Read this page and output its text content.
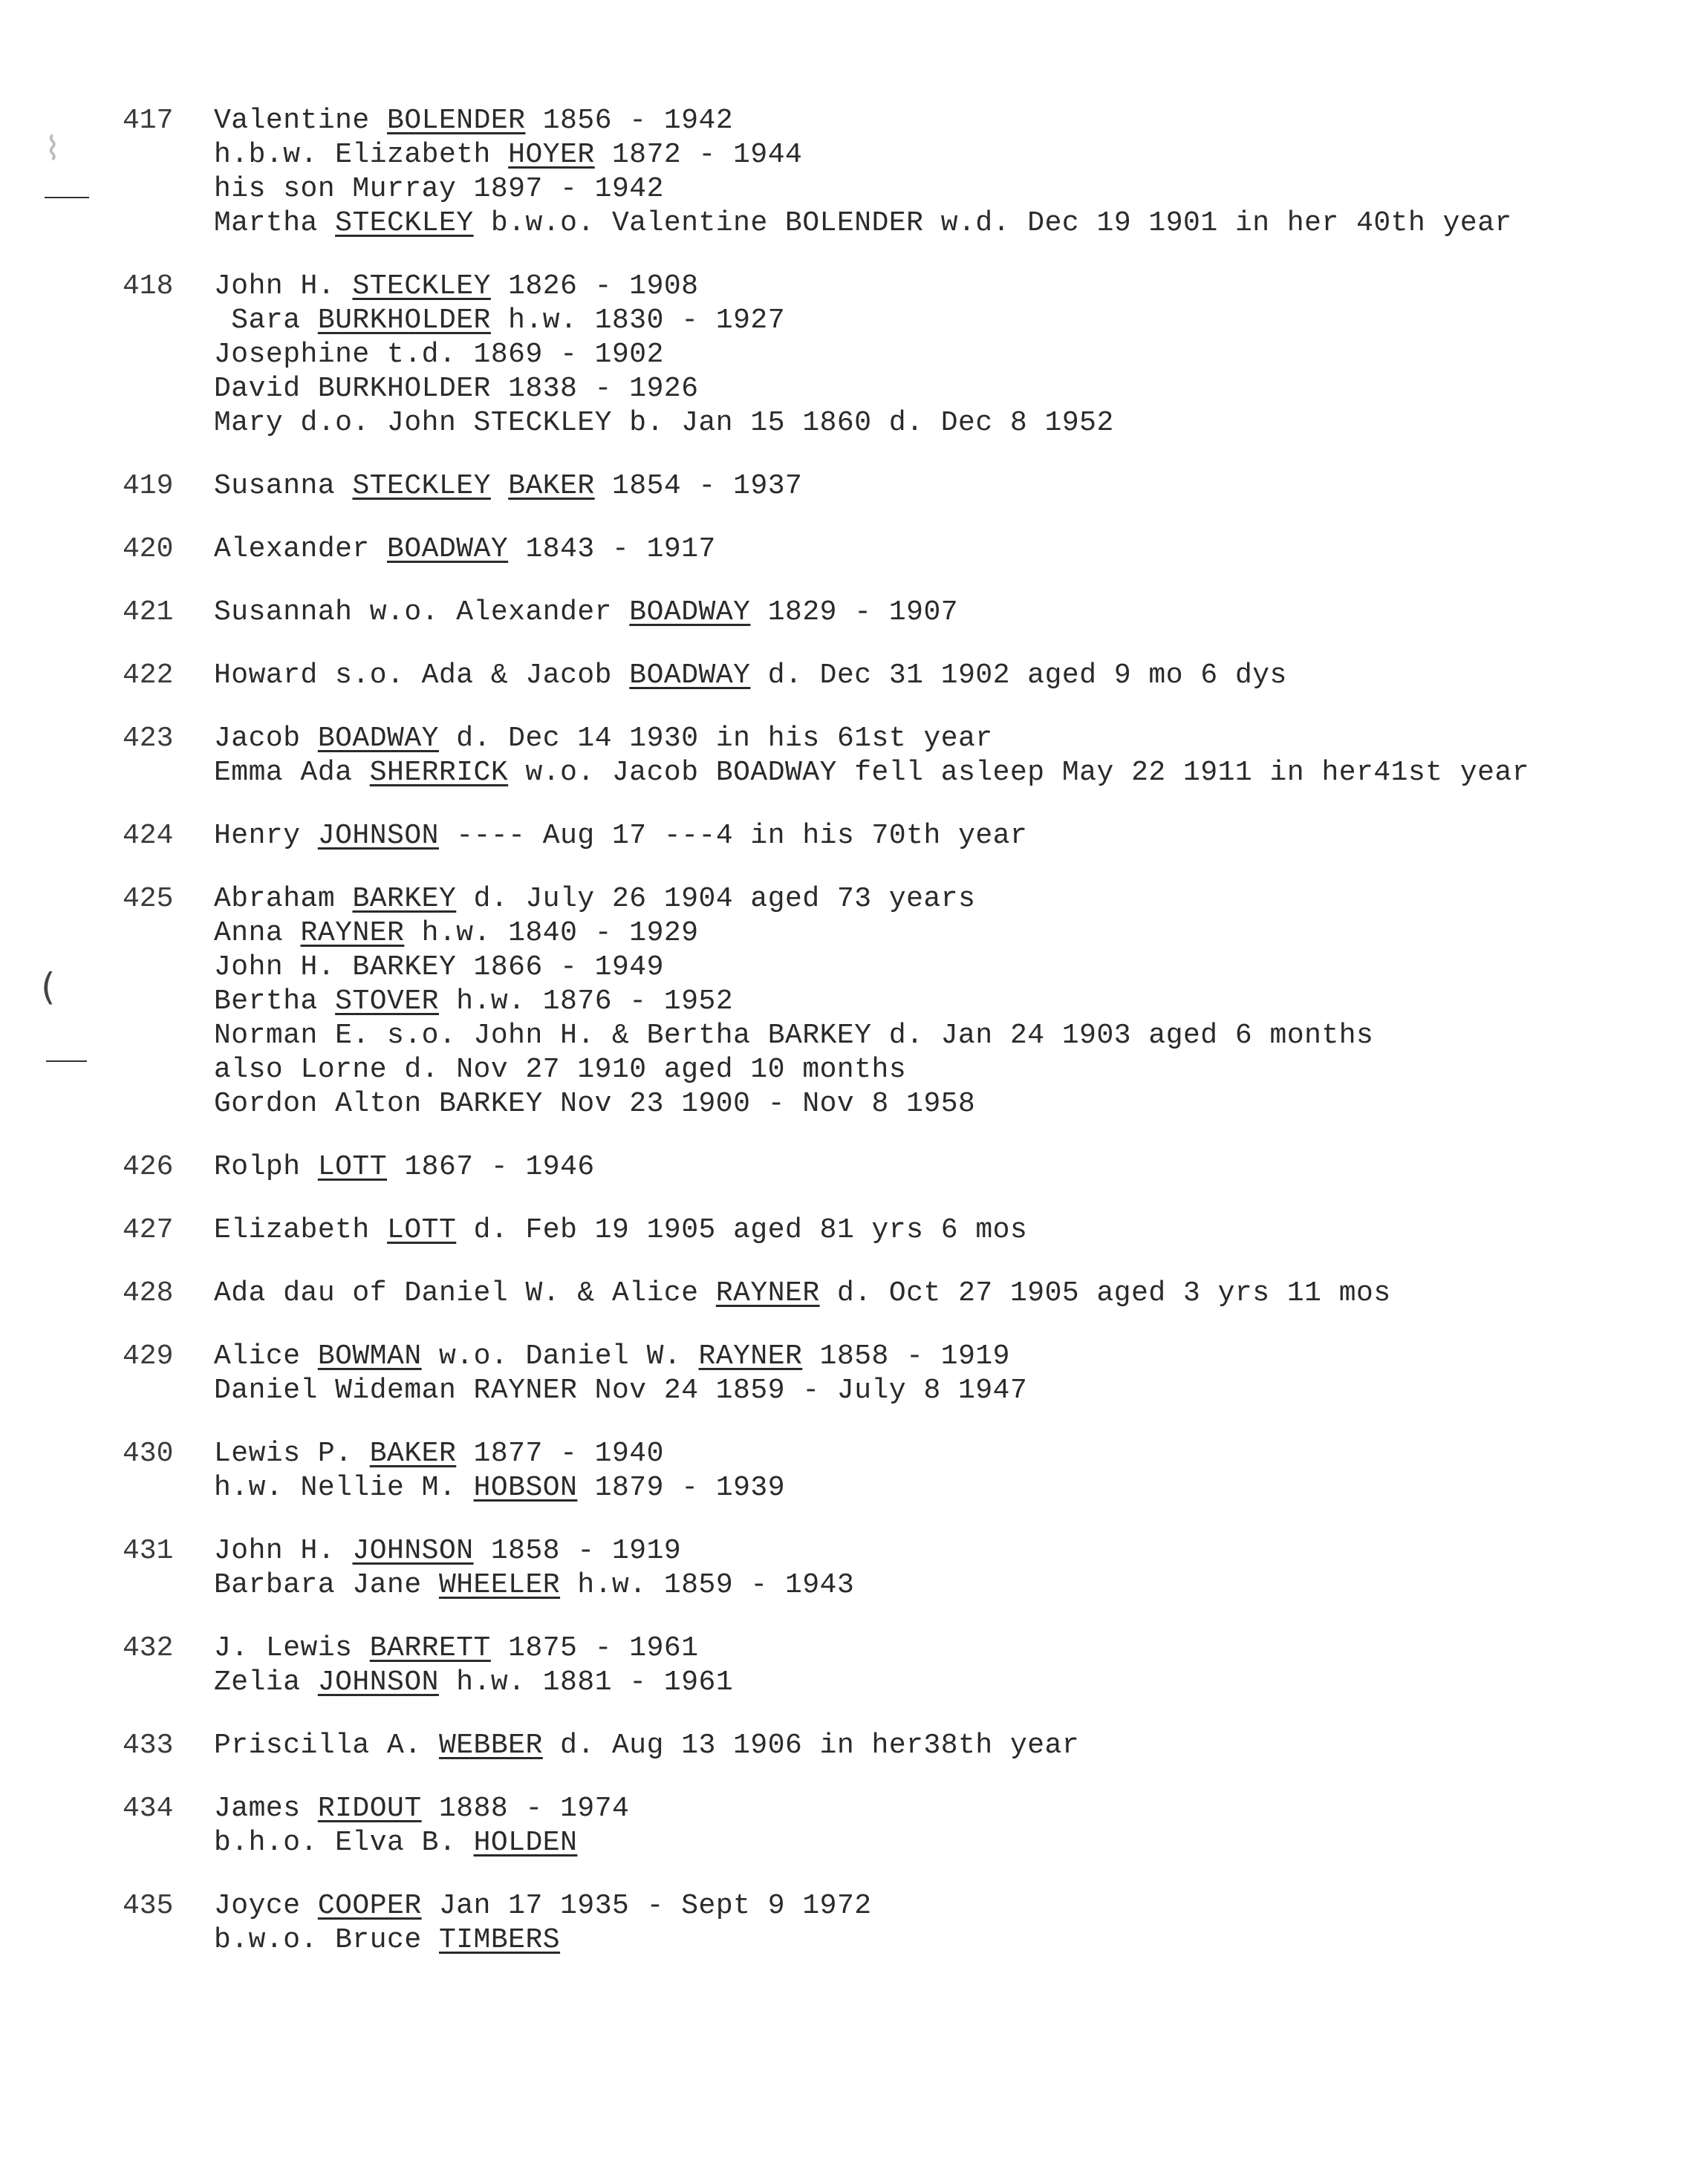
417	Valentine BOLENDER 1856 - 1942
h.b.w. Elizabeth HOYER 1872 - 1944
his son Murray 1897 - 1942
Martha STECKLEY b.w.o. Valentine BOLENDER w.d. Dec 19 1901 in her 40th year
418	John H. STECKLEY 1826 - 1908
Sara BURKHOLDER h.w. 1830 - 1927
Josephine t.d. 1869 - 1902
David BURKHOLDER 1838 - 1926
Mary d.o. John STECKLEY b. Jan 15 1860 d. Dec 8 1952
419	Susanna STECKLEY BAKER 1854 - 1937
420	Alexander BOADWAY 1843 - 1917
421	Susannah w.o. Alexander BOADWAY 1829 - 1907
422	Howard s.o. Ada & Jacob BOADWAY d. Dec 31 1902 aged 9 mo 6 dys
423	Jacob BOADWAY d. Dec 14 1930 in his 61st year
Emma Ada SHERRICK w.o. Jacob BOADWAY fell asleep May 22 1911 in her41st year
424	Henry JOHNSON ---- Aug 17 ---4 in his 70th year
425	Abraham BARKEY d. July 26 1904 aged 73 years
Anna RAYNER h.w. 1840 - 1929
John H. BARKEY 1866 - 1949
Bertha STOVER h.w. 1876 - 1952
Norman E. s.o. John H. & Bertha BARKEY d. Jan 24 1903 aged 6 months
also Lorne d. Nov 27 1910 aged 10 months
Gordon Alton BARKEY Nov 23 1900 - Nov 8 1958
426	Rolph LOTT 1867 - 1946
427	Elizabeth LOTT d. Feb 19 1905 aged 81 yrs 6 mos
428	Ada dau of Daniel W. & Alice RAYNER d. Oct 27 1905 aged 3 yrs 11 mos
429	Alice BOWMAN w.o. Daniel W. RAYNER 1858 - 1919
Daniel Wideman RAYNER Nov 24 1859 - July 8 1947
430	Lewis P. BAKER 1877 - 1940
h.w. Nellie M. HOBSON 1879 - 1939
431	John H. JOHNSON 1858 - 1919
Barbara Jane WHEELER h.w. 1859 - 1943
432	J. Lewis BARRETT 1875 - 1961
Zelia JOHNSON h.w. 1881 - 1961
433	Priscilla A. WEBBER d. Aug 13 1906 in her38th year
434	James RIDOUT 1888 - 1974
b.h.o. Elva B. HOLDEN
435	Joyce COOPER Jan 17 1935 - Sept 9 1972
b.w.o. Bruce TIMBERS
⌇
(
